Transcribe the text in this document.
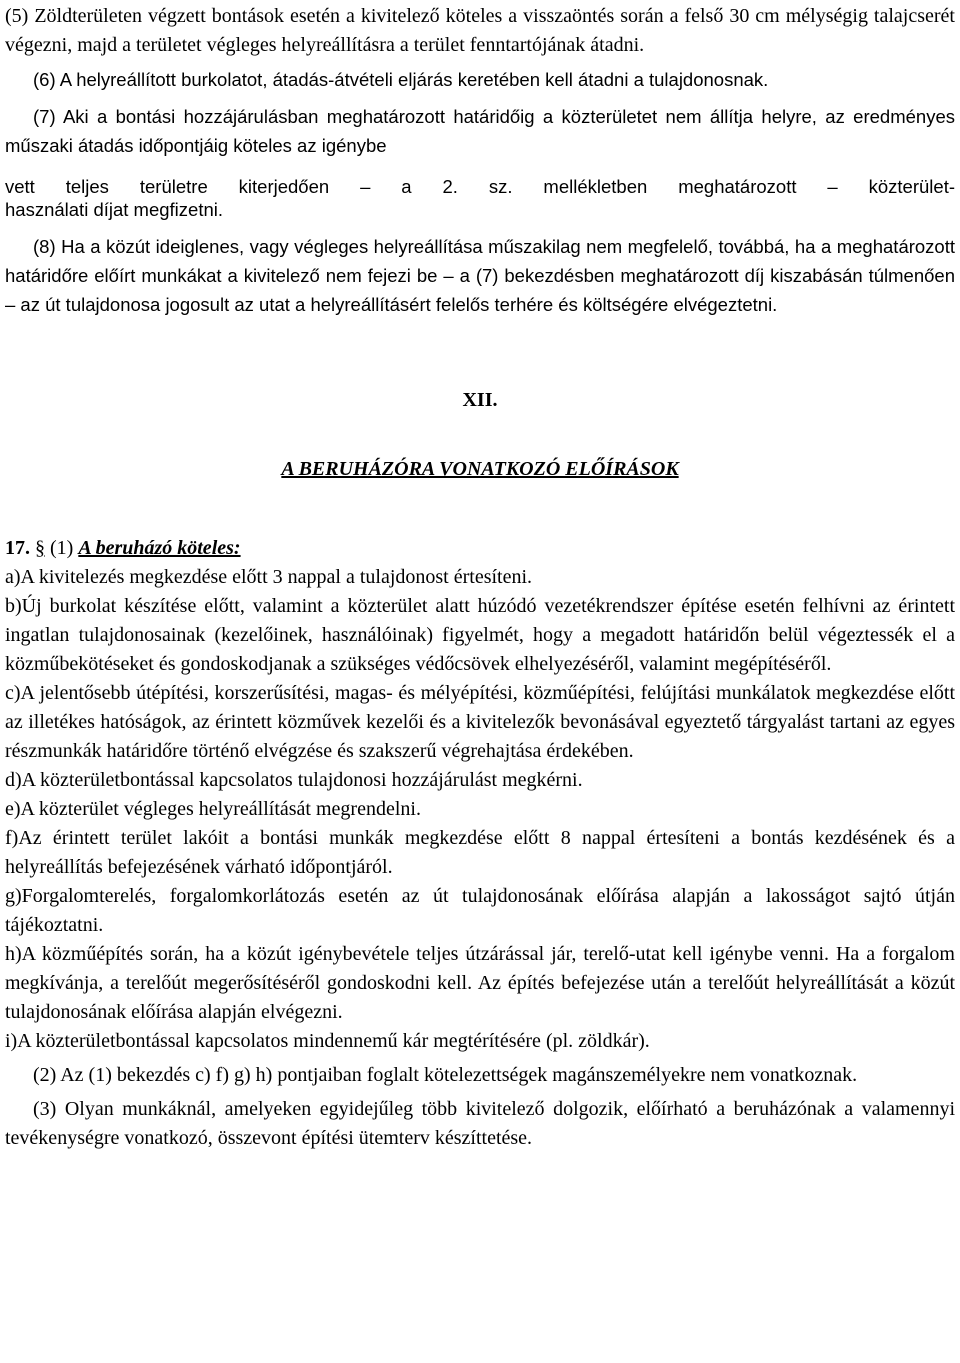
(5) Zöldterületen végzett bontások esetén a kivitelező köteles a visszaöntés során a felső 30 cm mélységig talajcserét végezni, majd a területet végleges helyreállításra a terület fenntartójának átadni.

(6) A helyreállított burkolatot, átadás-átvételi eljárás keretében kell átadni a tulajdonosnak.

(7) Aki a bontási hozzájárulásban meghatározott határidőig a közterületet nem állítja helyre, az eredményes műszaki átadás időpontjáig köteles az igénybe

vett teljes területre kiterjedően – a 2. sz. mellékletben meghatározott – közterület-

használati díjat megfizetni.

(8) Ha a közút ideiglenes, vagy végleges helyreállítása műszakilag nem megfelelő, továbbá, ha a meghatározott határidőre előírt munkákat a kivitelező nem fejezi be – a (7) bekezdésben meghatározott díj kiszabásán túlmenően – az út tulajdonosa jogosult az utat a helyreállításért felelős terhére és költségére elvégeztetni.

XII.

A BERUHÁZÓRA VONATKOZÓ ELŐÍRÁSOK

17. § (1) A beruházó köteles:

a)A kivitelezés megkezdése előtt 3 nappal a tulajdonost értesíteni.

b)Új burkolat készítése előtt, valamint a közterület alatt húzódó vezetékrendszer építése esetén felhívni az érintett ingatlan tulajdonosainak (kezelőinek, használóinak) figyelmét, hogy a megadott határidőn belül végeztessék el a közműbekötéseket és gondoskodjanak a szükséges védőcsövek elhelyezéséről, valamint megépítéséről.

c)A jelentősebb útépítési, korszerűsítési, magas- és mélyépítési, közműépítési, felújítási munkálatok megkezdése előtt az illetékes hatóságok, az érintett közművek kezelői és a kivitelezők bevonásával egyeztető tárgyalást tartani az egyes részmunkák határidőre történő elvégzése és szakszerű végrehajtása érdekében.

d)A közterületbontással kapcsolatos tulajdonosi hozzájárulást megkérni.

e)A közterület végleges helyreállítását megrendelni.

f)Az érintett terület lakóit a bontási munkák megkezdése előtt 8 nappal értesíteni a bontás kezdésének és a helyreállítás befejezésének várható időpontjáról.

g)Forgalomterelés, forgalomkorlátozás esetén az út tulajdonosának előírása alapján a lakosságot sajtó útján tájékoztatni.

h)A közműépítés során, ha a közút igénybevétele teljes útzárással jár, terelő-utat kell igénybe venni. Ha a forgalom megkívánja, a terelőút megerősítéséről gondoskodni kell. Az építés befejezése után a terelőút helyreállítását a közút tulajdonosának előírása alapján elvégezni.

i)A közterületbontással kapcsolatos mindennemű kár megtérítésére (pl. zöldkár).

(2) Az (1) bekezdés c) f) g) h) pontjaiban foglalt kötelezettségek magánszemélyekre nem vonatkoznak.

(3) Olyan munkáknál, amelyeken egyidejűleg több kivitelező dolgozik, előírható a beruházónak a valamennyi tevékenységre vonatkozó, összevont építési ütemterv készíttetése.
